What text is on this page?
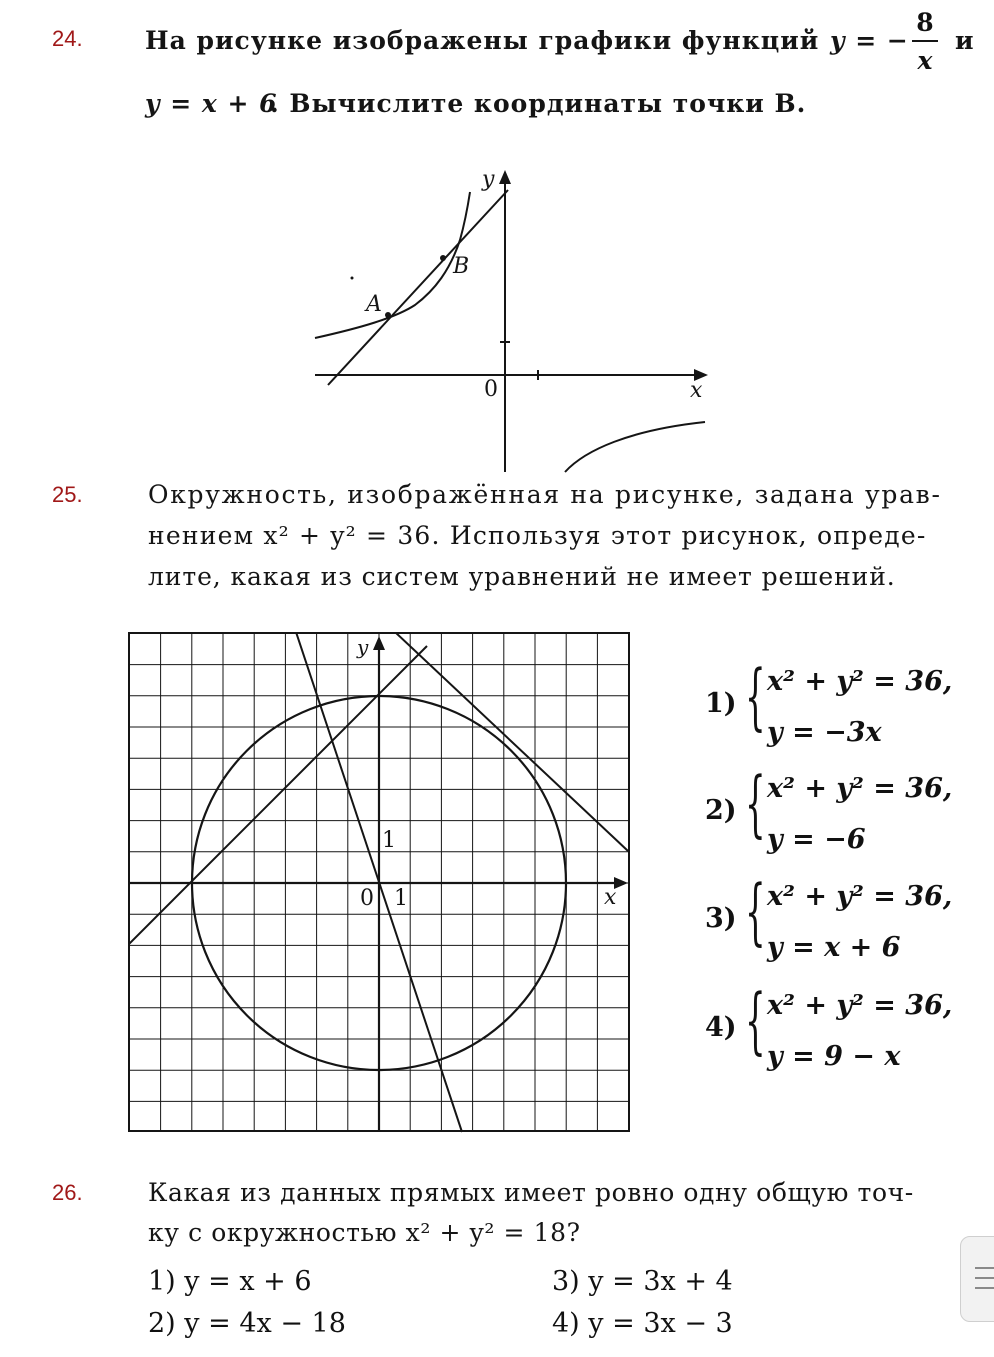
24. На рисунке изображены графики функций y = −
8
x
и
y = x + 6
. Вычислите координаты точки B.
A
B
y
x
0
25.	Окружность, изображённая на рисунке, задана урав-
нением x² + y² = 36. Используя этот рисунок, опреде-
лите, какая из систем уравнений не имеет решений.
y
x
0 1
1
1) { x² + y² = 36,
y = −3x
2) { x² + y² = 36,
y = −6
3) { x² + y² = 36,
y = x + 6
4) { x² + y² = 36,
y = 9 − x
26.	Какая из данных прямых имеет ровно одну общую точ-
ку с окружностью x² + y² = 18?
1) y = x + 6
2) y = 4x − 18
3) y = 3x + 4
4) y = 3x − 3
